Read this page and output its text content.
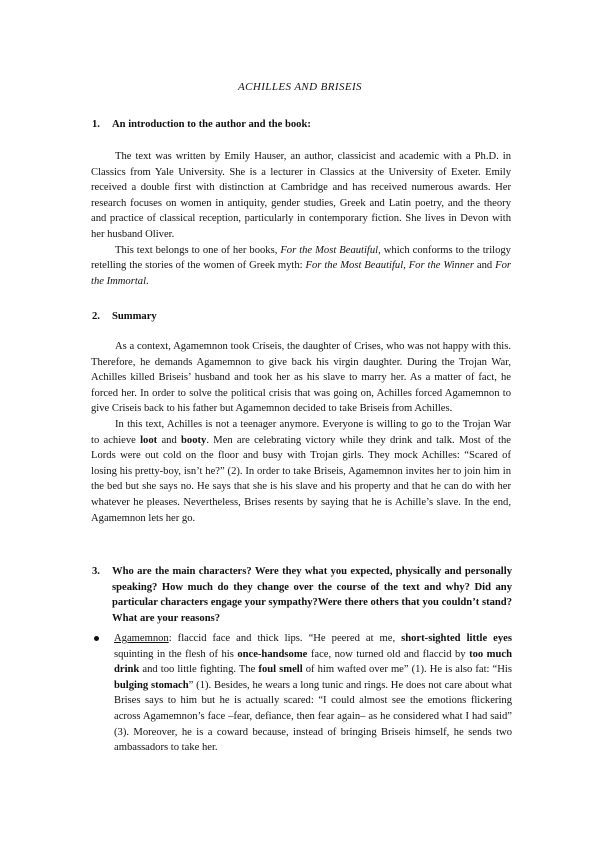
ACHILLES AND BRISEIS
1. An introduction to the author and the book:

The text was written by Emily Hauser, an author, classicist and academic with a Ph.D. in Classics from Yale University. She is a lecturer in Classics at the University of Exeter. Emily received a double first with distinction at Cambridge and has received numerous awards. Her research focuses on women in antiquity, gender studies, Greek and Latin poetry, and the theory and practice of classical reception, particularly in contemporary fiction. She lives in Devon with her husband Oliver.

This text belongs to one of her books, For the Most Beautiful, which conforms to the trilogy retelling the stories of the women of Greek myth: For the Most Beautiful, For the Winner and For the Immortal.

2. Summary

As a context, Agamemnon took Criseis, the daughter of Crises, who was not happy with this. Therefore, he demands Agamemnon to give back his virgin daughter. During the Trojan War, Achilles killed Briseis’ husband and took her as his slave to marry her. As a matter of fact, he forced her. In order to solve the political crisis that was going on, Achilles forced Agamemnon to give Criseis back to his father but Agamemnon decided to take Briseis from Achilles.

In this text, Achilles is not a teenager anymore. Everyone is willing to go to the Trojan War to achieve loot and booty. Men are celebrating victory while they drink and talk. Most of the Lords were out cold on the floor and busy with Trojan girls. They mock Achilles: “Scared of losing his pretty-boy, isn’t he?” (2). In order to take Briseis, Agamemnon invites her to join him in the bed but she says no. He says that she is his slave and his property and that he can do with her whatever he pleases. Nevertheless, Brises resents by saying that he is Achille’s slave. In the end, Agamemnon lets her go.

3. Who are the main characters? Were they what you expected, physically and personally speaking? How much do they change over the course of the text and why? Did any particular characters engage your sympathy?Were there others that you couldn’t stand? What are your reasons?
Agamemnon: flaccid face and thick lips. “He peered at me, short-sighted little eyes squinting in the flesh of his once-handsome face, now turned old and flaccid by too much drink and too little fighting. The foul smell of him wafted over me” (1). He is also fat: “His bulging stomach” (1). Besides, he wears a long tunic and rings. He does not care about what Brises says to him but he is actually scared: “I could almost see the emotions flickering across Agamemnon’s face –fear, defiance, then fear again– as he considered what I had said” (3). Moreover, he is a coward because, instead of bringing Briseis himself, he sends two ambassadors to take her.
